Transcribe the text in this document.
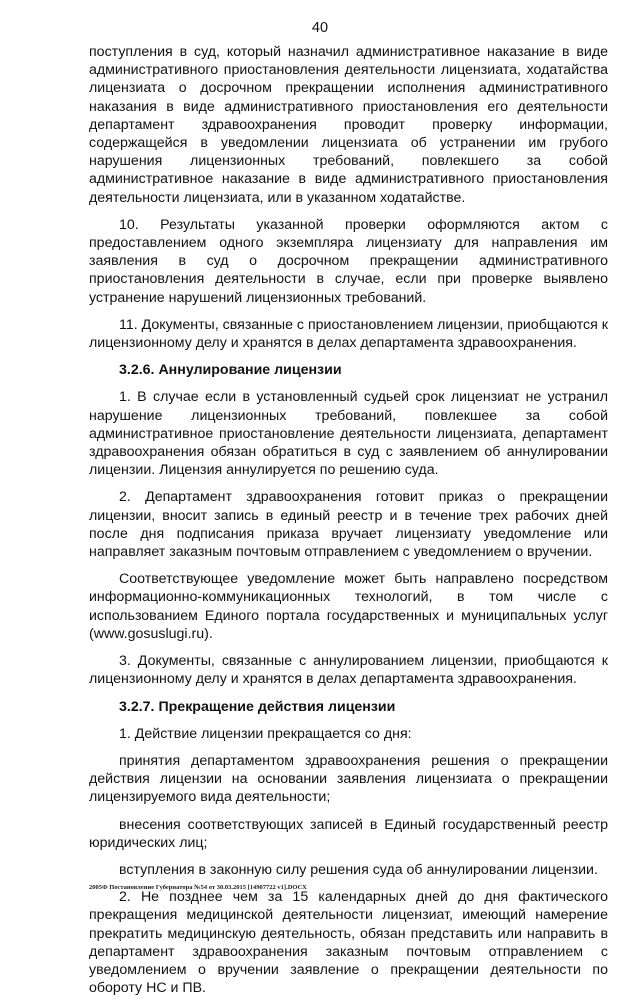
40

поступления в суд, который назначил административное наказание в виде административного приостановления деятельности лицензиата, ходатайства лицензиата о досрочном прекращении исполнения административного наказания в виде административного приостановления его деятельности департамент здравоохранения проводит проверку информации, содержащейся в уведомлении лицензиата об устранении им грубого нарушения лицензионных требований, повлекшего за собой административное наказание в виде административного приостановления деятельности лицензиата, или в указанном ходатайстве.

10. Результаты указанной проверки оформляются актом с предоставлением одного экземпляра лицензиату для направления им заявления в суд о досрочном прекращении административного приостановления деятельности в случае, если при проверке выявлено устранение нарушений лицензионных требований.

11. Документы, связанные с приостановлением лицензии, приобщаются к лицензионному делу и хранятся в делах департамента здравоохранения.

3.2.6. Аннулирование лицензии

1. В случае если в установленный судьей срок лицензиат не устранил нарушение лицензионных требований, повлекшее за собой административное приостановление деятельности лицензиата, департамент здравоохранения обязан обратиться в суд с заявлением об аннулировании лицензии. Лицензия аннулируется по решению суда.

2. Департамент здравоохранения готовит приказ о прекращении лицензии, вносит запись в единый реестр и в течение трех рабочих дней после дня подписания приказа вручает лицензиату уведомление или направляет заказным почтовым отправлением с уведомлением о вручении.

Соответствующее уведомление может быть направлено посредством информационно-коммуникационных технологий, в том числе с использованием Единого портала государственных и муниципальных услуг (www.gosuslugi.ru).

3. Документы, связанные с аннулированием лицензии, приобщаются к лицензионному делу и хранятся в делах департамента здравоохранения.

3.2.7. Прекращение действия лицензии

1. Действие лицензии прекращается со дня:

принятия департаментом здравоохранения решения о прекращении действия лицензии на основании заявления лицензиата о прекращении лицензируемого вида деятельности;

внесения соответствующих записей в Единый государственный реестр юридических лиц;

вступления в законную силу решения суда об аннулировании лицензии.

2. Не позднее чем за 15 календарных дней до дня фактического прекращения медицинской деятельности лицензиат, имеющий намерение прекратить медицинскую деятельность, обязан представить или направить в департамент здравоохранения заказным почтовым отправлением с уведомлением о вручении заявление о прекращении деятельности по обороту НС и ПВ.

2005Ф Постановление Губернатора №54 от 30.03.2015 [14907722 v1].DOCX
